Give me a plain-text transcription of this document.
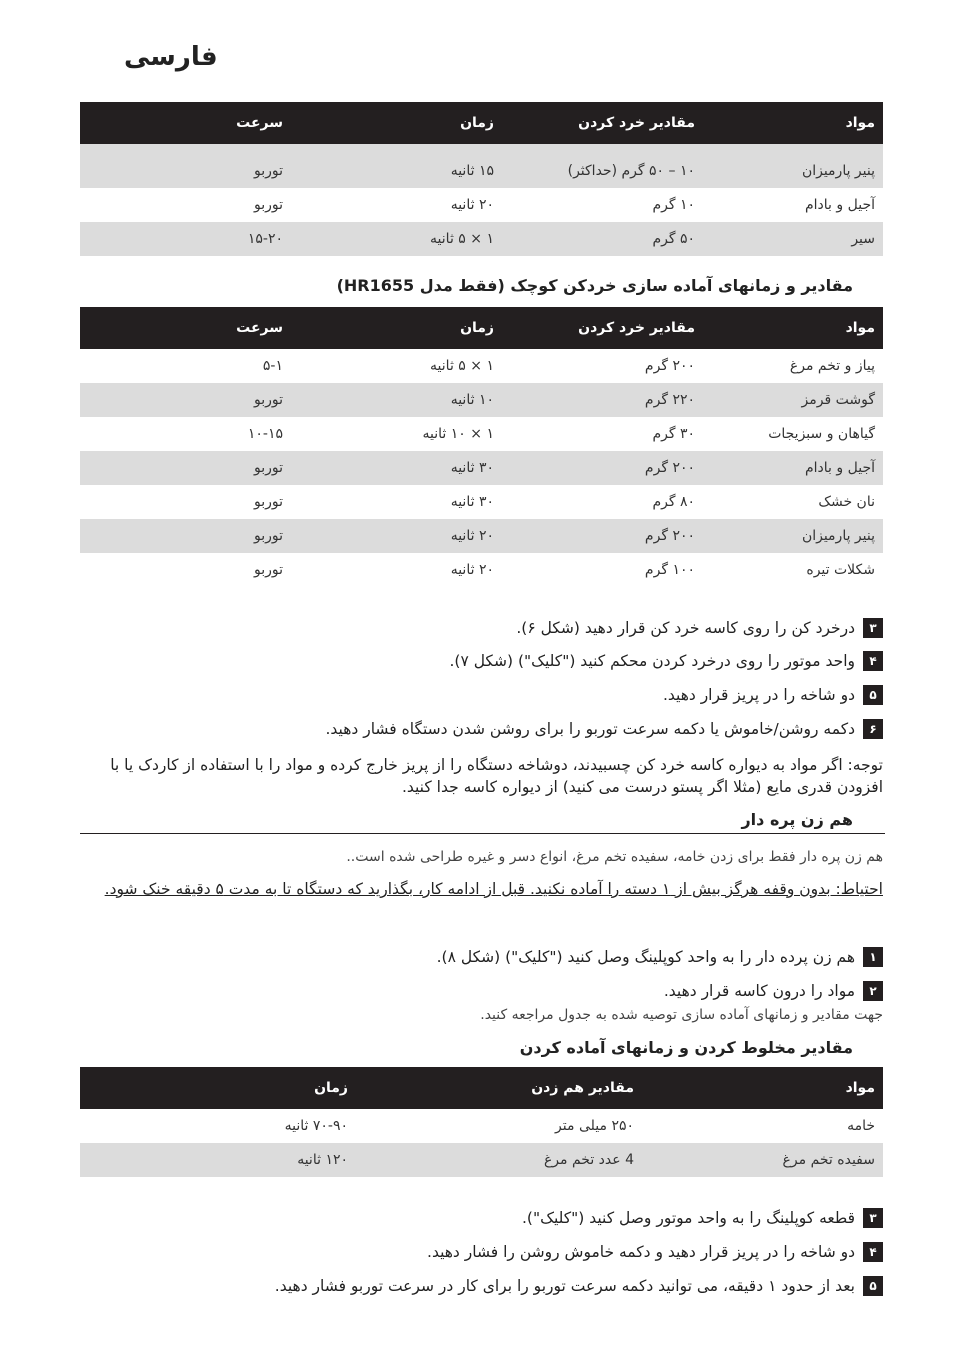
فارسی
مواد	مقادیر خرد کردن	زمان	سرعت

پنیر پارمیزان	۱۰ – ۵۰ گرم (حداکثر)	۱۵ ثانیه	توربو
آجیل و بادام	۱۰ گرم	۲۰ ثانیه	توربو
سیر	۵۰ گرم	۱ × ۵ ثانیه	۱۵-۲۰
مقادیر و زمانهای آماده سازی خردکن کوچک (فقط مدل HR1655)
مواد	مقادیر خرد کردن	زمان	سرعت
پیاز و تخم مرغ	۲۰۰ گرم	۱ × ۵ ثانیه	۵-۱
گوشت قرمز	۲۲۰ گرم	۱۰ ثانیه	توربو
گیاهان و سبزیجات	۳۰ گرم	۱ × ۱۰ ثانیه	۱۰-۱۵
آجیل و بادام	۲۰۰ گرم	۳۰ ثانیه	توربو
نان خشک	۸۰ گرم	۳۰ ثانیه	توربو
پنیر پارمیزان	۲۰۰ گرم	۲۰ ثانیه	توربو
شکلات تیره	۱۰۰ گرم	۲۰ ثانیه	توربو
۳
درخرد کن را روی کاسه خرد کن قرار دهید (شکل ۶).
۴
واحد موتور را روی درخرد کردن محکم کنید ("کلیک") (شکل ۷).
۵
دو شاخه را در پریز قرار دهید.
۶
دکمه روشن/خاموش یا دکمه سرعت توربو را برای روشن شدن دستگاه فشار دهید.
توجه: اگر مواد به دیواره کاسه خرد کن چسبیدند، دوشاخه دستگاه را از پریز خارج کرده و مواد را با استفاده از کاردک یا با افزودن قدری مایع (مثلا اگر پستو درست می کنید) از دیواره کاسه جدا کنید.
هم زن پره دار
هم زن پره دار فقط برای زدن خامه، سفیده تخم مرغ، انواع دسر و غیره طراحی شده است..
احتیاط: بدون وقفه هرگز بیش از ۱ دسته را آماده نکنید. قبل از ادامه کار، بگذارید که دستگاه تا به مدت ۵ دقیقه خنک شود.
۱
هم زن پرده دار را به واحد کوپلینگ وصل کنید ("کلیک") (شکل ۸).
۲
مواد را درون کاسه قرار دهید.
جهت مقادیر و زمانهای آماده سازی توصیه شده به جدول مراجعه کنید.
مقادیر مخلوط کردن و زمانهای آماده کردن
مواد	مقادیر هم زدن	زمان
خامه	۲۵۰ میلی متر	۷۰-۹۰ ثانیه
سفیده تخم مرغ	4 عدد تخم مرغ	۱۲۰ ثانیه
۳
قطعه کوپلینگ را به واحد موتور وصل کنید ("کلیک").
۴
دو شاخه را در پریز قرار دهید و دکمه خاموش روشن را فشار دهید.
۵
بعد از حدود ۱ دقیقه، می توانید دکمه سرعت توربو را برای کار در سرعت توربو فشار دهید.
